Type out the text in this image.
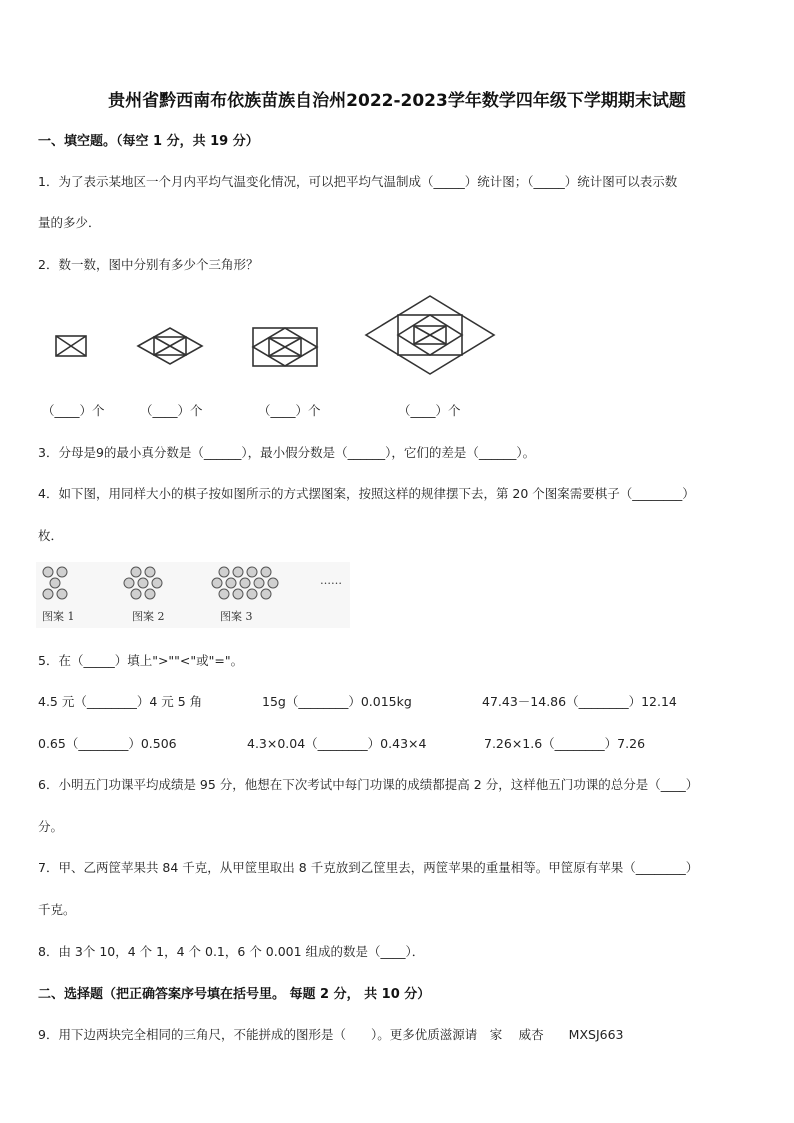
贵州省黔西南布依族苗族自治州2022-2023学年数学四年级下学期期末试题
一、填空题。（每空 1 分，共 19 分）
1．为了表示某地区一个月内平均气温变化情况，可以把平均气温制成（_____）统计图；（_____）统计图可以表示数
量的多少．
2．数一数，图中分别有多少个三角形？
（____）个	（____）个	（____）个	（____）个
3．分母是9的最小真分数是（______），最小假分数是（______），它们的差是（______）。
4．如下图，用同样大小的棋子按如图所示的方式摆图案，按照这样的规律摆下去，第 20 个图案需要棋子（________）
枚．
图案 1	图案 2	图案 3
……
5．在（_____）填上">""<"或"="。
4.5 元（________）4 元 5 角	15g（________）0.015kg	47.43－14.86（________）12.14
0.65（________）0.506	4.3×0.04（________）0.43×4	7.26×1.6（________）7.26
6．小明五门功课平均成绩是 95 分，他想在下次考试中每门功课的成绩都提高 2 分，这样他五门功课的总分是（____）
分。
7．甲、乙两筐苹果共 84 千克，从甲筐里取出 8 千克放到乙筐里去，两筐苹果的重量相等。甲筐原有苹果（________）
千克。
8．由 3个 10，4 个 1，4 个 0.1，6 个 0.001 组成的数是（____）．
二、选择题（把正确答案序号填在括号里。 每题 2 分， 共 10 分）
9．用下边两块完全相同的三角尺，不能拼成的图形是（　　）。更多优质滋源请　家　 威杏　　MXSJ663
